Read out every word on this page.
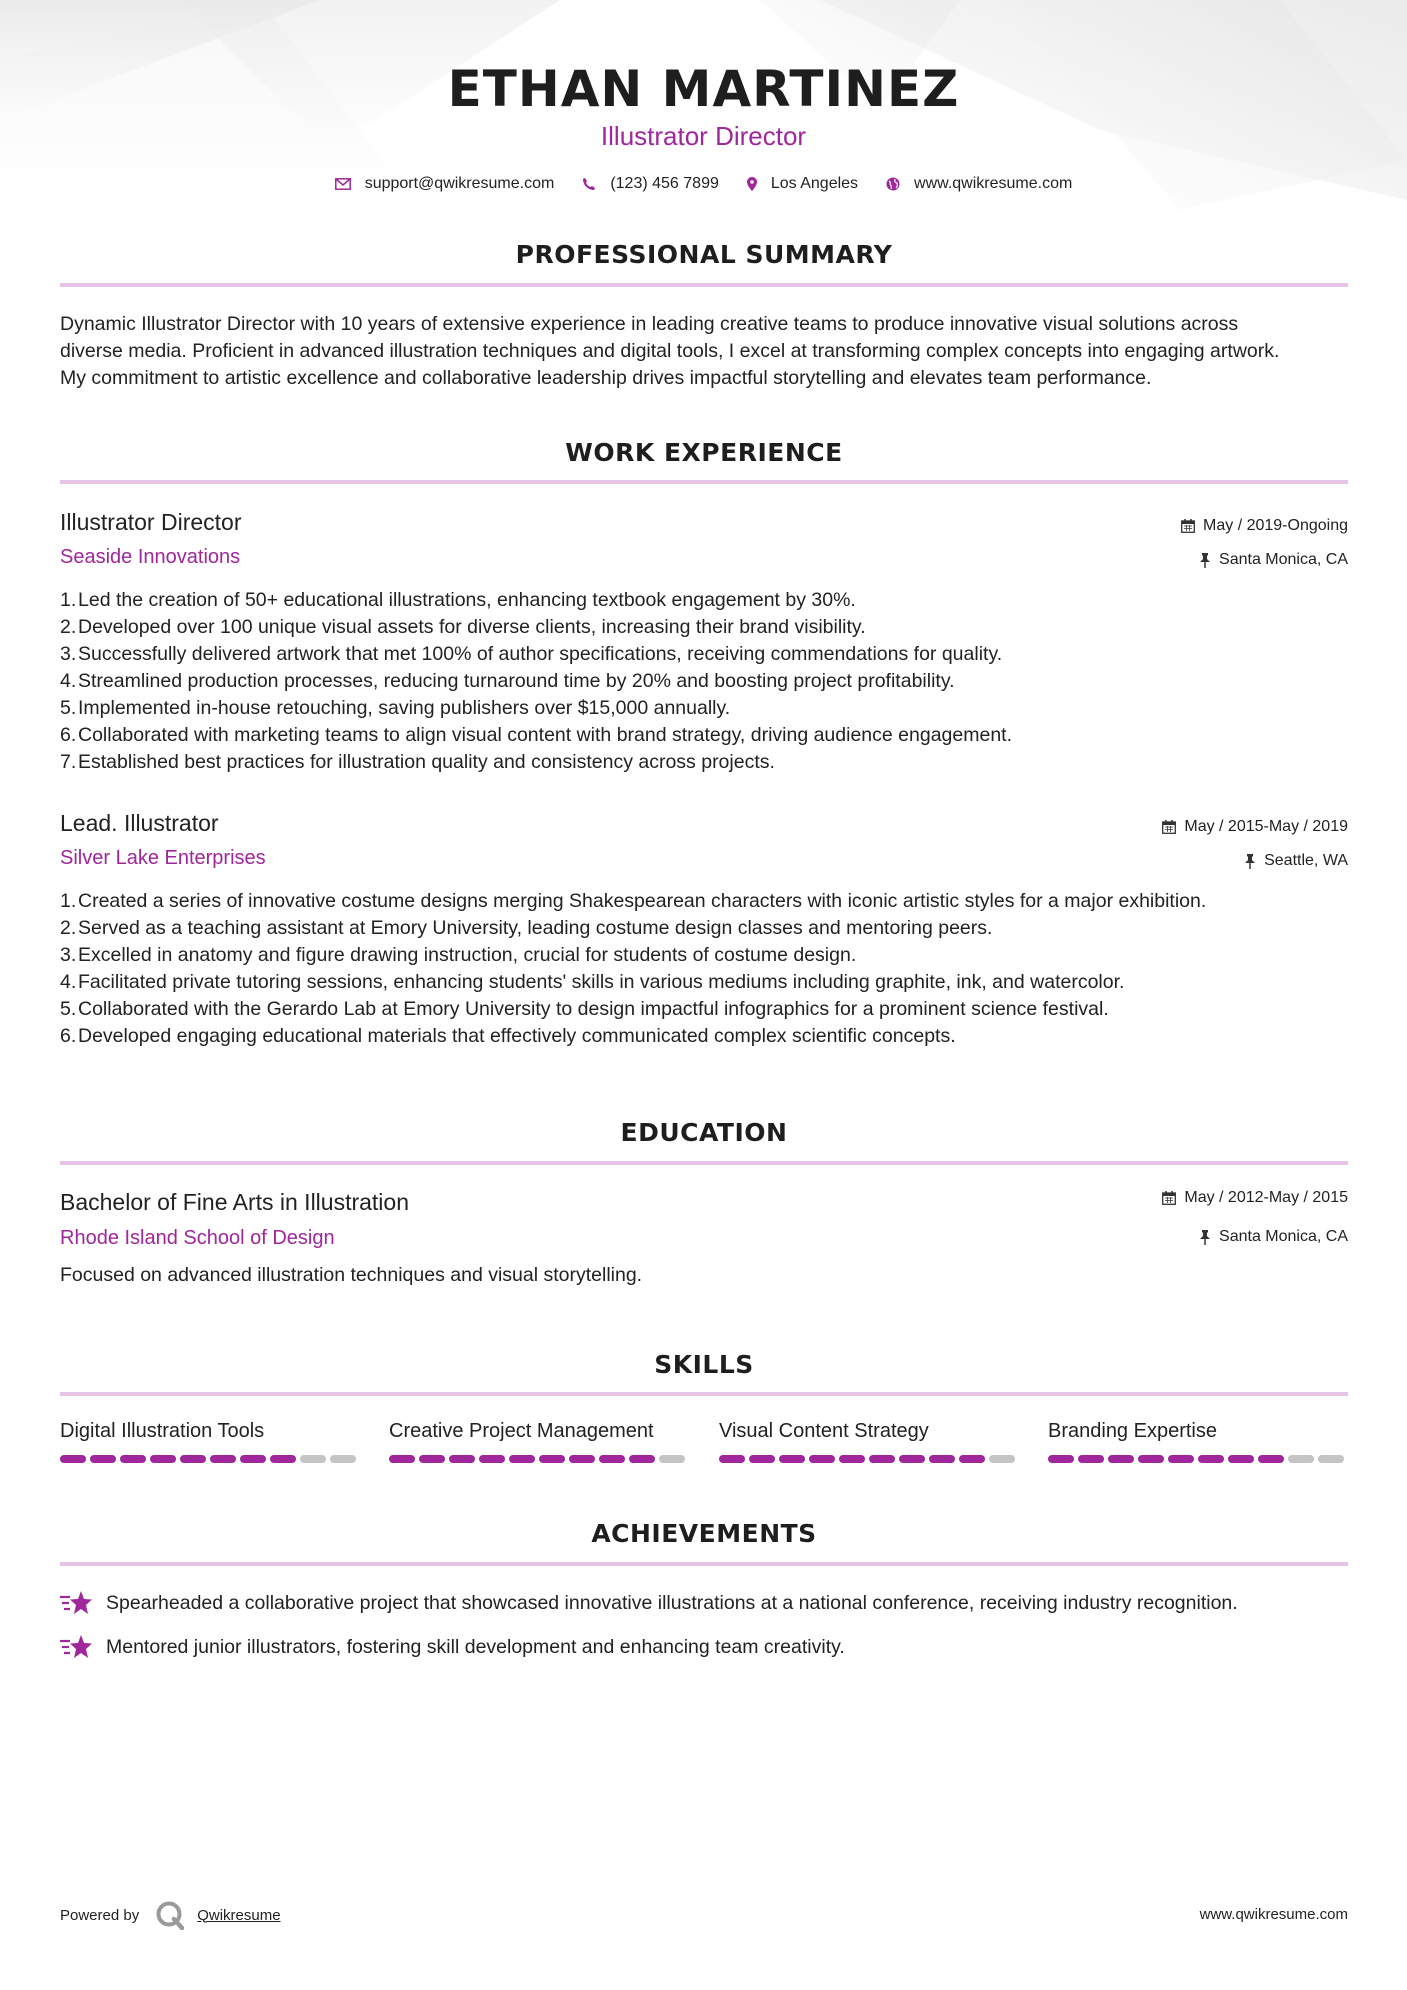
ETHAN MARTINEZ
Illustrator Director
support@qwikresume.com	(123) 456 7899	Los Angeles	www.qwikresume.com
PROFESSIONAL SUMMARY
Dynamic Illustrator Director with 10 years of extensive experience in leading creative teams to produce innovative visual solutions across
diverse media. Proficient in advanced illustration techniques and digital tools, I excel at transforming complex concepts into engaging artwork.
My commitment to artistic excellence and collaborative leadership drives impactful storytelling and elevates team performance.
WORK EXPERIENCE
Illustrator Director
Seaside Innovations
May / 2019-Ongoing
Santa Monica, CA
1.Led the creation of 50+ educational illustrations, enhancing textbook engagement by 30%.
2.Developed over 100 unique visual assets for diverse clients, increasing their brand visibility.
3.Successfully delivered artwork that met 100% of author specifications, receiving commendations for quality.
4.Streamlined production processes, reducing turnaround time by 20% and boosting project profitability.
5.Implemented in-house retouching, saving publishers over $15,000 annually.
6.Collaborated with marketing teams to align visual content with brand strategy, driving audience engagement.
7.Established best practices for illustration quality and consistency across projects.
Lead. Illustrator
Silver Lake Enterprises
May / 2015-May / 2019
Seattle, WA
1.Created a series of innovative costume designs merging Shakespearean characters with iconic artistic styles for a major exhibition.
2.Served as a teaching assistant at Emory University, leading costume design classes and mentoring peers.
3.Excelled in anatomy and figure drawing instruction, crucial for students of costume design.
4.Facilitated private tutoring sessions, enhancing students' skills in various mediums including graphite, ink, and watercolor.
5.Collaborated with the Gerardo Lab at Emory University to design impactful infographics for a prominent science festival.
6.Developed engaging educational materials that effectively communicated complex scientific concepts.
EDUCATION
Bachelor of Fine Arts in Illustration
Rhode Island School of Design
May / 2012-May / 2015
Santa Monica, CA
Focused on advanced illustration techniques and visual storytelling.
SKILLS
Digital Illustration Tools	Creative Project Management	Visual Content Strategy	Branding Expertise
ACHIEVEMENTS
Spearheaded a collaborative project that showcased innovative illustrations at a national conference, receiving industry recognition.
Mentored junior illustrators, fostering skill development and enhancing team creativity.
Powered by	Qwikresume	www.qwikresume.com
